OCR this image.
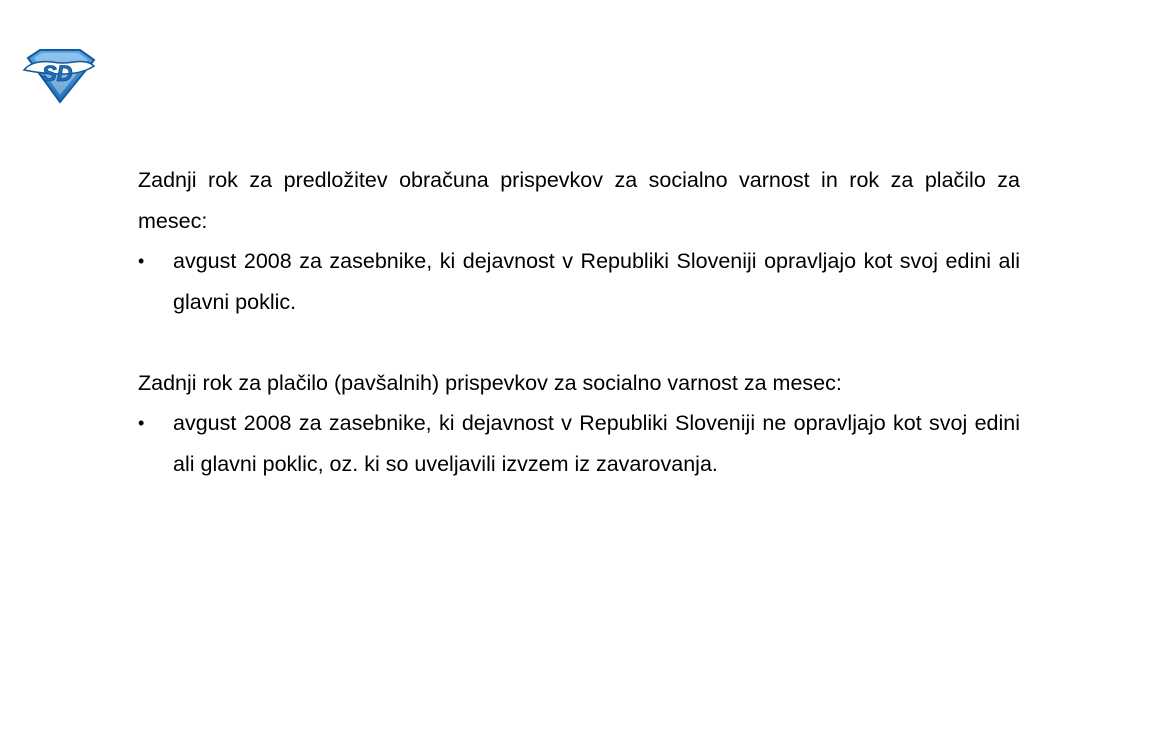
SD

Zadnji rok za predložitev obračuna prispevkov za socialno varnost in rok za plačilo za mesec:

•	avgust 2008 za zasebnike, ki dejavnost v Republiki Sloveniji opravljajo kot svoj edini ali glavni poklic.

Zadnji rok za plačilo (pavšalnih) prispevkov za socialno varnost za mesec:

•	avgust 2008 za zasebnike, ki dejavnost v Republiki Sloveniji ne opravljajo kot svoj edini ali glavni poklic, oz. ki so uveljavili izvzem iz zavarovanja.
